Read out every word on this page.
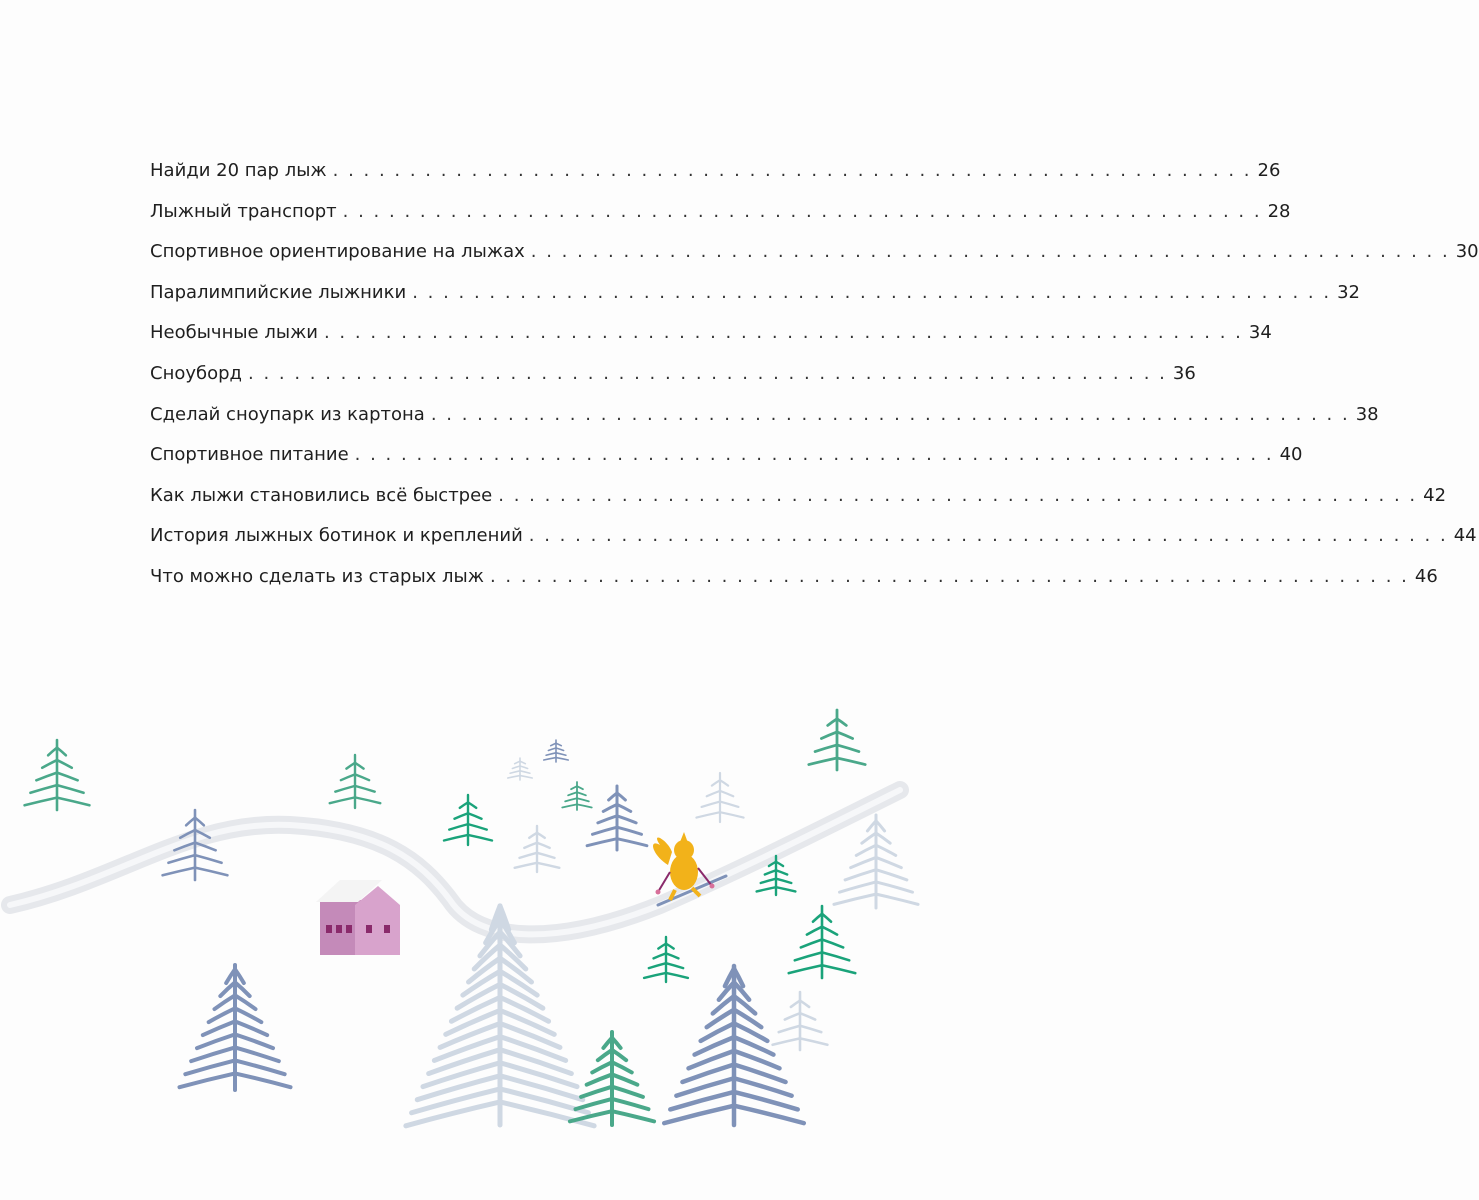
Найди 20 пар лыж . . . . . . . . . . . . . . . . . . . . . . . . . . . . . . . . . . . . . . . . . . . . . . . . . . . . . . . . . . . . 26
Лыжный транспорт . . . . . . . . . . . . . . . . . . . . . . . . . . . . . . . . . . . . . . . . . . . . . . . . . . . . . . . . . . . . 28
Спортивное ориентирование на лыжах . . . . . . . . . . . . . . . . . . . . . . . . . . . . . . . . . . . . . . . . . . . . . . . . . . . . . . . . . . . . 30
Паралимпийские лыжники . . . . . . . . . . . . . . . . . . . . . . . . . . . . . . . . . . . . . . . . . . . . . . . . . . . . . . . . . . . . 32
Необычные лыжи . . . . . . . . . . . . . . . . . . . . . . . . . . . . . . . . . . . . . . . . . . . . . . . . . . . . . . . . . . . . 34
Сноуборд . . . . . . . . . . . . . . . . . . . . . . . . . . . . . . . . . . . . . . . . . . . . . . . . . . . . . . . . . . . . 36
Сделай сноупарк из картона . . . . . . . . . . . . . . . . . . . . . . . . . . . . . . . . . . . . . . . . . . . . . . . . . . . . . . . . . . . . 38
Спортивное питание . . . . . . . . . . . . . . . . . . . . . . . . . . . . . . . . . . . . . . . . . . . . . . . . . . . . . . . . . . . . 40
Как лыжи становились всё быстрее . . . . . . . . . . . . . . . . . . . . . . . . . . . . . . . . . . . . . . . . . . . . . . . . . . . . . . . . . . . . 42
История лыжных ботинок и креплений . . . . . . . . . . . . . . . . . . . . . . . . . . . . . . . . . . . . . . . . . . . . . . . . . . . . . . . . . . . . 44
Что можно сделать из старых лыж . . . . . . . . . . . . . . . . . . . . . . . . . . . . . . . . . . . . . . . . . . . . . . . . . . . . . . . . . . . . 46
